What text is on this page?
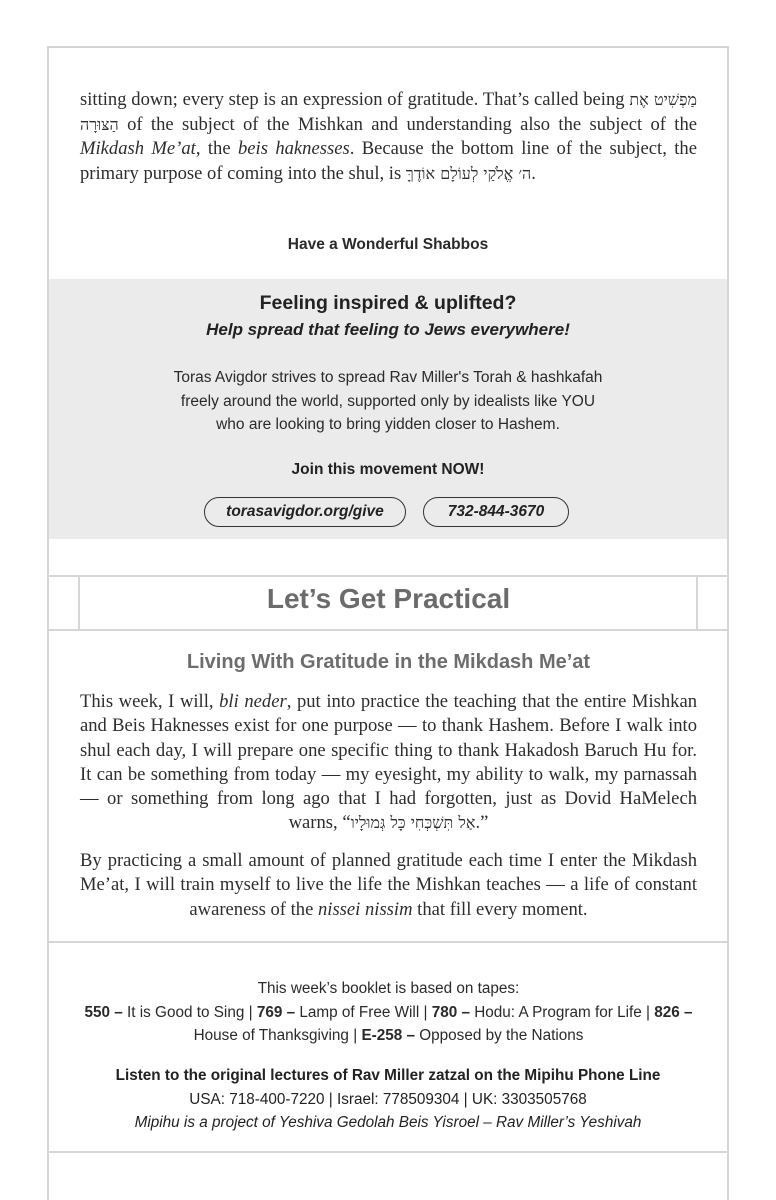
sitting down; every step is an expression of gratitude. That’s called being מַפְשִׁיט אֶת הַצּוּרָה of the subject of the Mishkan and understanding also the subject of the Mikdash Me’at, the beis haknesses. Because the bottom line of the subject, the primary purpose of coming into the shul, is ה׳ אֱלֹקַי לְעוֹלָם אוֹדֶךָּ.

Have a Wonderful Shabbos
Feeling inspired & uplifted?
Help spread that feeling to Jews everywhere!
Toras Avigdor strives to spread Rav Miller's Torah & hashkafah
freely around the world, supported only by idealists like YOU
who are looking to bring yidden closer to Hashem.
Join this movement NOW!
torasavigdor.org/give	732-844-3670
Let’s Get Practical
Living With Gratitude in the Mikdash Me’at

This week, I will, bli neder, put into practice the teaching that the entire Mishkan and Beis Haknesses exist for one purpose — to thank Hashem. Before I walk into shul each day, I will prepare one specific thing to thank Hakadosh Baruch Hu for. It can be something from today — my eyesight, my ability to walk, my parnassah — or something from long ago that I had forgotten, just as Dovid HaMelech warns, “אַל תִּשְׁכְּחִי כָּל גְּמוּלָיו.”

By practicing a small amount of planned gratitude each time I enter the Mikdash Me’at, I will train myself to live the life the Mishkan teaches — a life of constant awareness of the nissei nissim that fill every moment.

This week’s booklet is based on tapes:
550 – It is Good to Sing | 769 – Lamp of Free Will | 780 – Hodu: A Program for Life | 826 – House of Thanksgiving | E-258 – Opposed by the Nations
Listen to the original lectures of Rav Miller zatzal on the Mipihu Phone Line
USA: 718-400-7220 | Israel: 778509304 | UK: 3303505768
Mipihu is a project of Yeshiva Gedolah Beis Yisroel – Rav Miller’s Yeshivah
